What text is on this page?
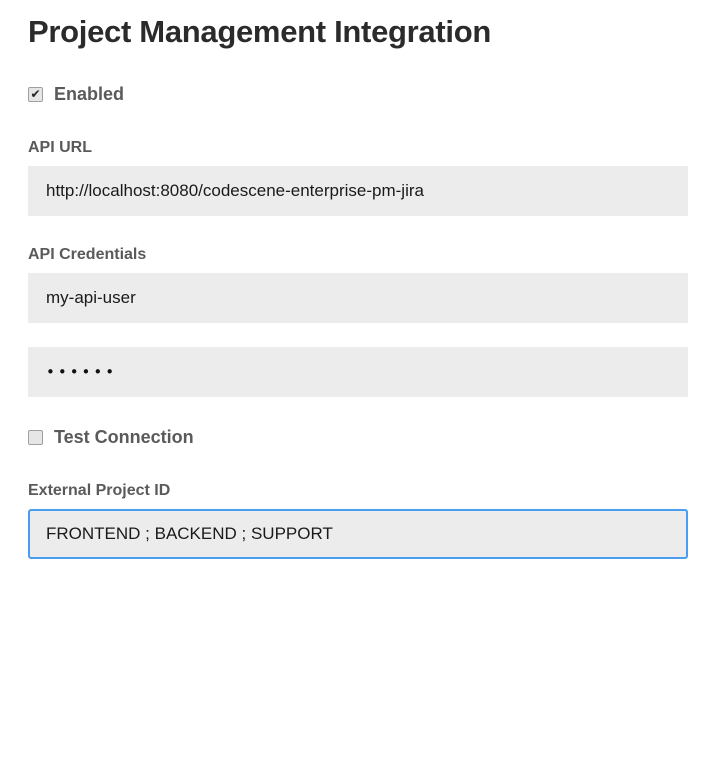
Project Management Integration
✔ Enabled
API URL
http://localhost:8080/codescene-enterprise-pm-jira
API Credentials
my-api-user
••••••
Test Connection
External Project ID
FRONTEND ; BACKEND ; SUPPORT
